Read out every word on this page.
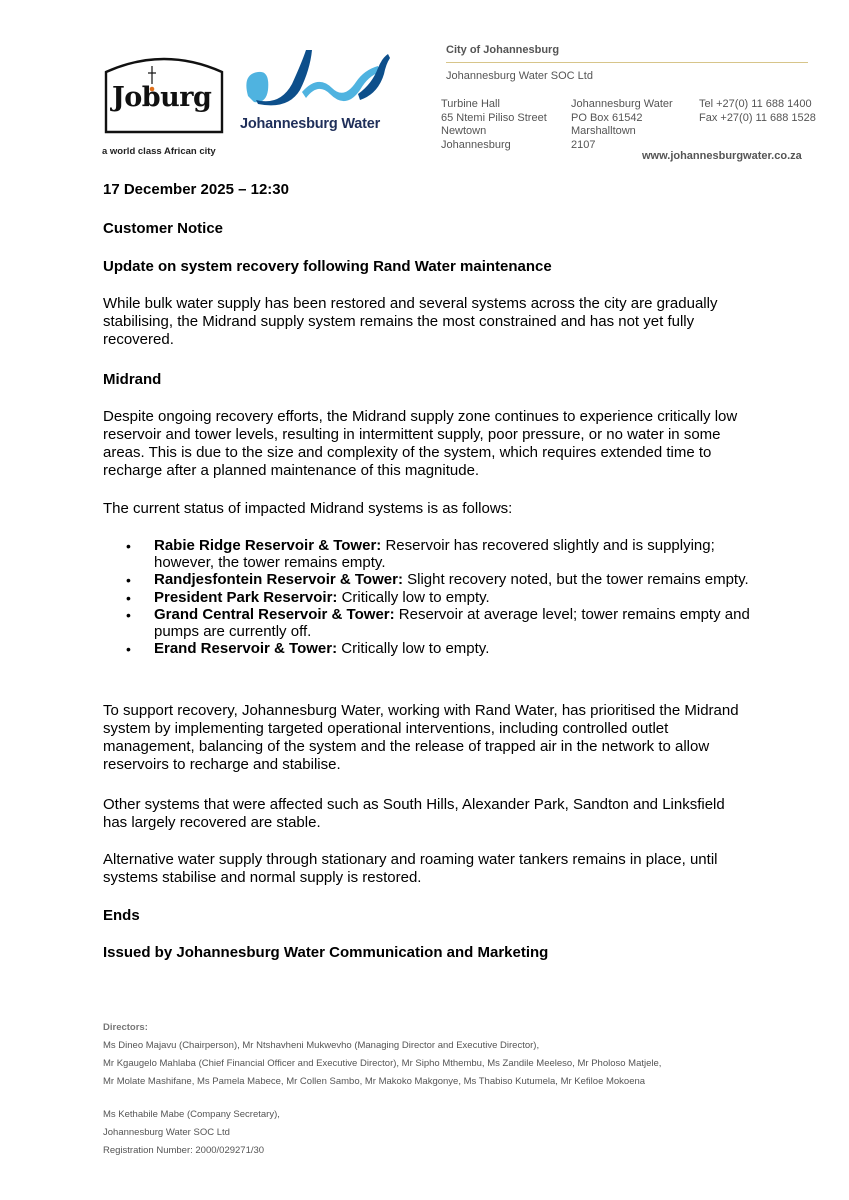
Joburg
a world class African city
Johannesburg Water
City of Johannesburg
Johannesburg Water SOC Ltd
Turbine Hall
65 Ntemi Piliso Street
Newtown
Johannesburg
Johannesburg Water
PO Box 61542
Marshalltown
2107
Tel +27(0) 11 688 1400
Fax +27(0) 11 688 1528
www.johannesburgwater.co.za
17 December 2025 – 12:30
Customer Notice
Update on system recovery following Rand Water maintenance
While bulk water supply has been restored and several systems across the city are gradually stabilising, the Midrand supply system remains the most constrained and has not yet fully recovered.
Midrand
Despite ongoing recovery efforts, the Midrand supply zone continues to experience critically low reservoir and tower levels, resulting in intermittent supply, poor pressure, or no water in some areas. This is due to the size and complexity of the system, which requires extended time to recharge after a planned maintenance of this magnitude.
The current status of impacted Midrand systems is as follows:
• Rabie Ridge Reservoir & Tower: Reservoir has recovered slightly and is supplying; however, the tower remains empty.
• Randjesfontein Reservoir & Tower: Slight recovery noted, but the tower remains empty.
• President Park Reservoir: Critically low to empty.
• Grand Central Reservoir & Tower: Reservoir at average level; tower remains empty and pumps are currently off.
• Erand Reservoir & Tower: Critically low to empty.
To support recovery, Johannesburg Water, working with Rand Water, has prioritised the Midrand system by implementing targeted operational interventions, including controlled outlet management, balancing of the system and the release of trapped air in the network to allow reservoirs to recharge and stabilise.
Other systems that were affected such as South Hills, Alexander Park, Sandton and Linksfield has largely recovered are stable.
Alternative water supply through stationary and roaming water tankers remains in place, until systems stabilise and normal supply is restored.
Ends
Issued by Johannesburg Water Communication and Marketing
Directors:
Ms Dineo Majavu (Chairperson), Mr Ntshavheni Mukwevho (Managing Director and Executive Director),
Mr Kgaugelo Mahlaba (Chief Financial Officer and Executive Director), Mr Sipho Mthembu, Ms Zandile Meeleso, Mr Pholoso Matjele,
Mr Molate Mashifane, Ms Pamela Mabece, Mr Collen Sambo, Mr Makoko Makgonye, Ms Thabiso Kutumela, Mr Kefiloe Mokoena
Ms Kethabile Mabe (Company Secretary),
Johannesburg Water SOC Ltd
Registration Number: 2000/029271/30
